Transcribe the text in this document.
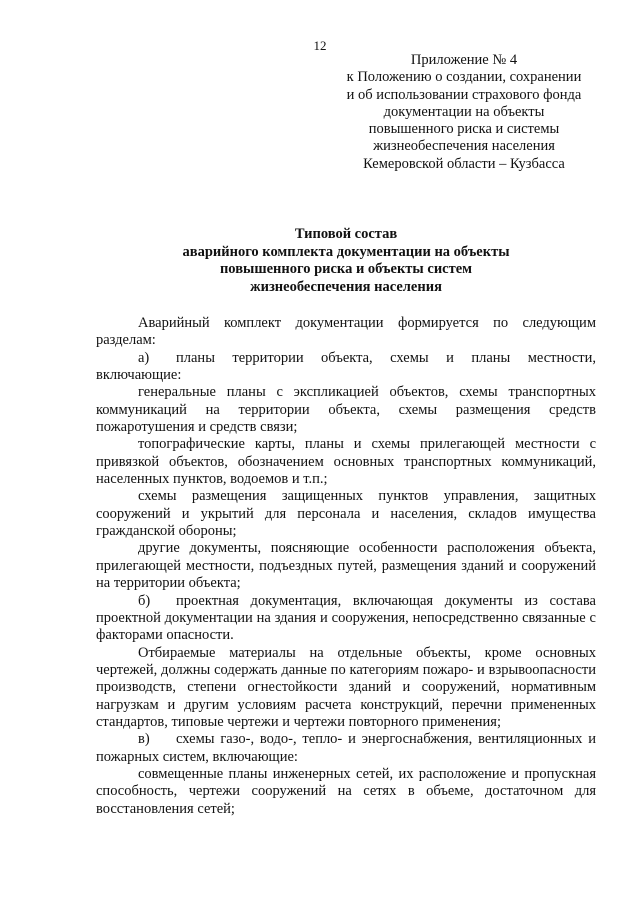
12
Приложение № 4
к Положению о создании, сохранении
и об использовании страхового фонда
документации на объекты
повышенного риска и системы
жизнеобеспечения населения
Кемеровской области – Кузбасса
Типовой состав
аварийного комплекта документации на объекты
повышенного риска и объекты систем
жизнеобеспечения населения

Аварийный комплект документации формируется по следующим разделам:

а) планы территории объекта, схемы и планы местности, включающие:

генеральные планы с экспликацией объектов, схемы транспортных коммуникаций на территории объекта, схемы размещения средств пожаротушения и средств связи;

топографические карты, планы и схемы прилегающей местности с привязкой объектов, обозначением основных транспортных коммуникаций, населенных пунктов, водоемов и т.п.;

схемы размещения защищенных пунктов управления, защитных сооружений и укрытий для персонала и населения, складов имущества гражданской обороны;

другие документы, поясняющие особенности расположения объекта, прилегающей местности, подъездных путей, размещения зданий и сооружений на территории объекта;

б) проектная документация, включающая документы из состава проектной документации на здания и сооружения, непосредственно связанные с факторами опасности.

Отбираемые материалы на отдельные объекты, кроме основных чертежей, должны содержать данные по категориям пожаро- и взрывоопасности производств, степени огнестойкости зданий и сооружений, нормативным нагрузкам и другим условиям расчета конструкций, перечни примененных стандартов, типовые чертежи и чертежи повторного применения;

в) схемы газо-, водо-, тепло- и энергоснабжения, вентиляционных и пожарных систем, включающие:

совмещенные планы инженерных сетей, их расположение и пропускная способность, чертежи сооружений на сетях в объеме, достаточном для восстановления сетей;
